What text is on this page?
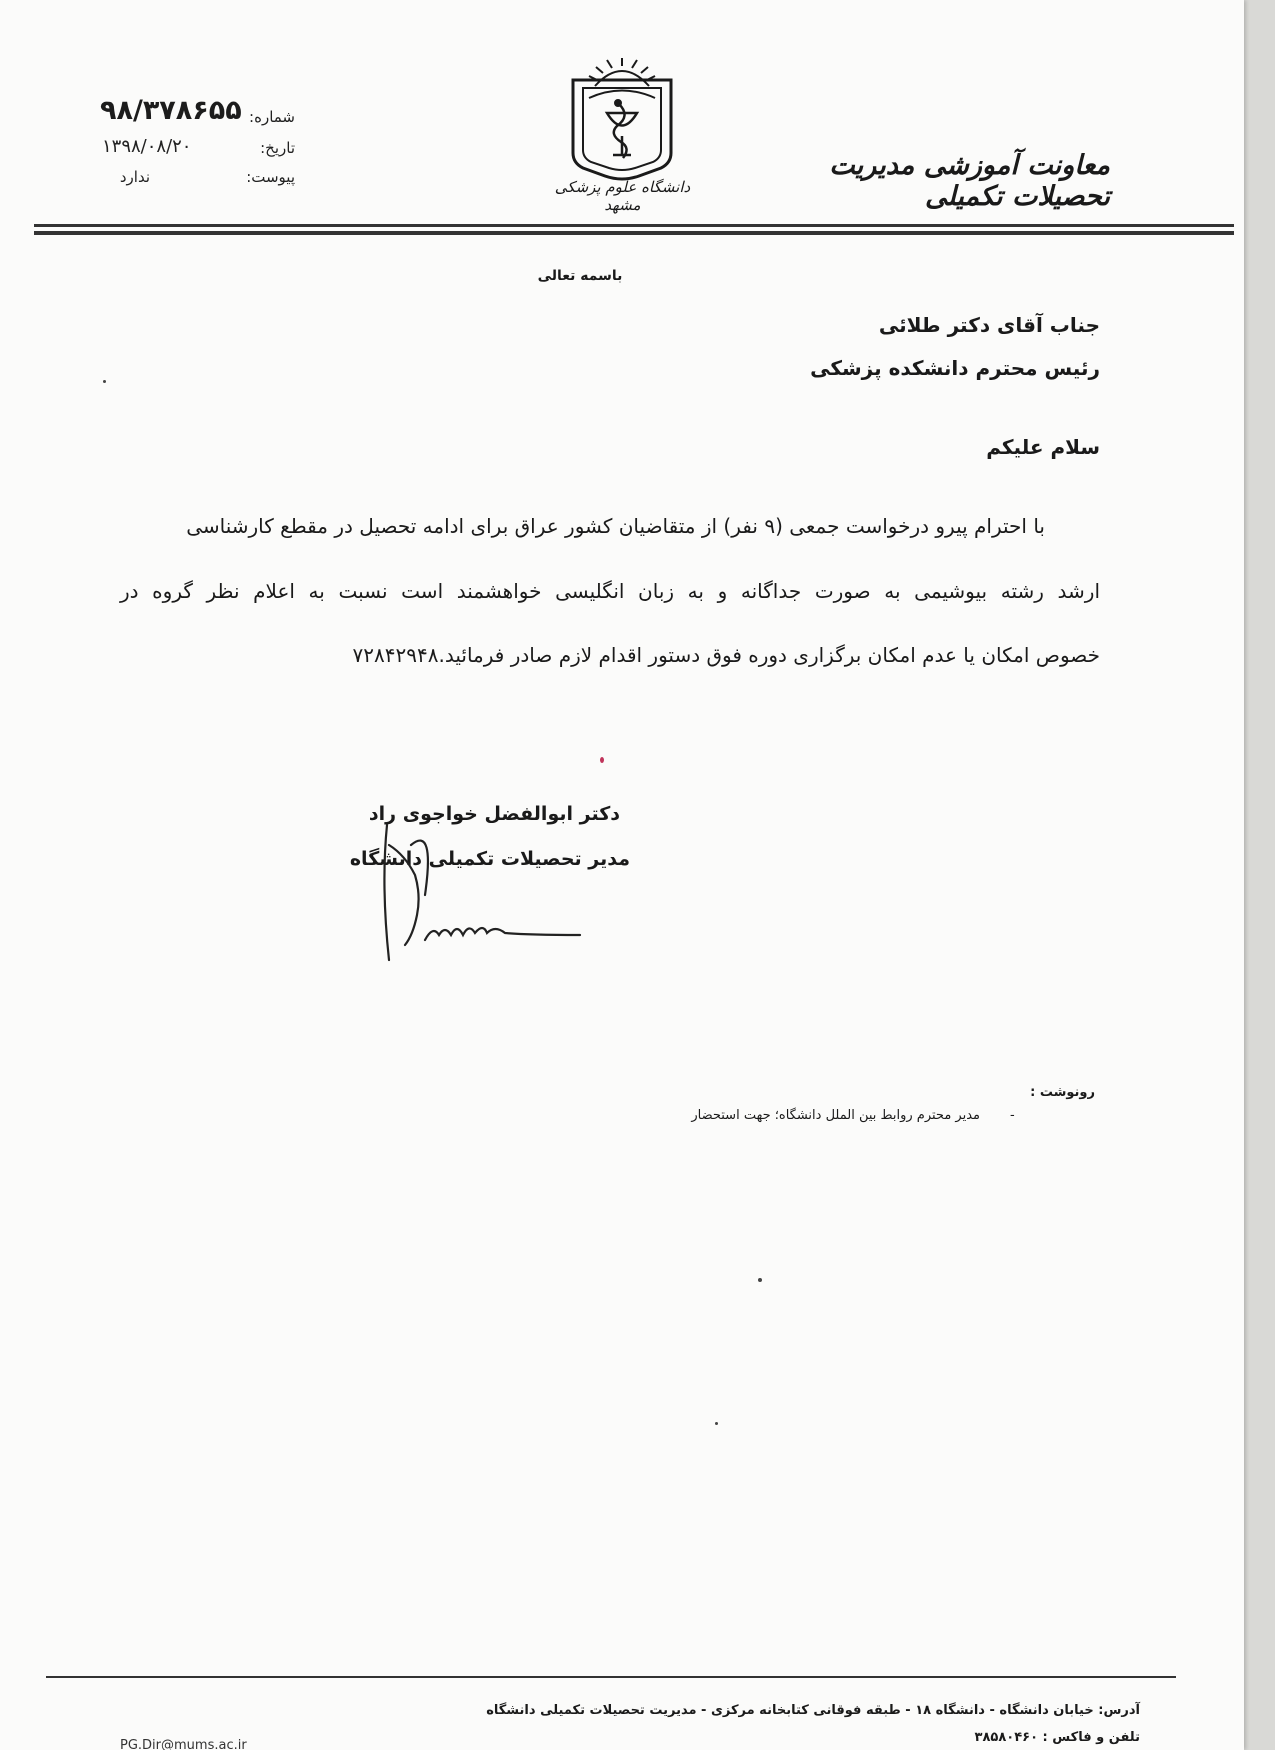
۹۸/۳۷۸۶۵۵ شماره:
۱۳۹۸/۰۸/۲۰	تاریخ:
ندارد	پیوست:
دانشگاه علوم پزشکی مشهد
معاونت آموزشی مدیریت تحصیلات تکمیلی
باسمه تعالی
جناب آقای دکتر طلائی
رئیس محترم دانشکده پزشکی
سلام علیکم
با احترام پیرو درخواست جمعی (۹ نفر) از متقاضیان کشور عراق برای ادامه تحصیل در مقطع کارشناسی
ارشد رشته بیوشیمی به صورت جداگانه و به زبان انگلیسی خواهشمند است نسبت به اعلام نظر گروه در
خصوص امکان یا عدم امکان برگزاری دوره فوق دستور اقدام لازم صادر فرمائید.۷۲۸۴۲۹۴۸
دکتر ابوالفضل خواجوی راد
مدیر تحصیلات تکمیلی دانشگاه
رونوشت :
-
مدیر محترم روابط بین الملل دانشگاه؛ جهت استحضار
آدرس: خیابان دانشگاه - دانشگاه ۱۸ - طبقه فوقانی کتابخانه مرکزی - مدیریت تحصیلات تکمیلی دانشگاه
تلفن و فاکس : ۳۸۵۸۰۴۶۰
PG.Dir@mums.ac.ir
